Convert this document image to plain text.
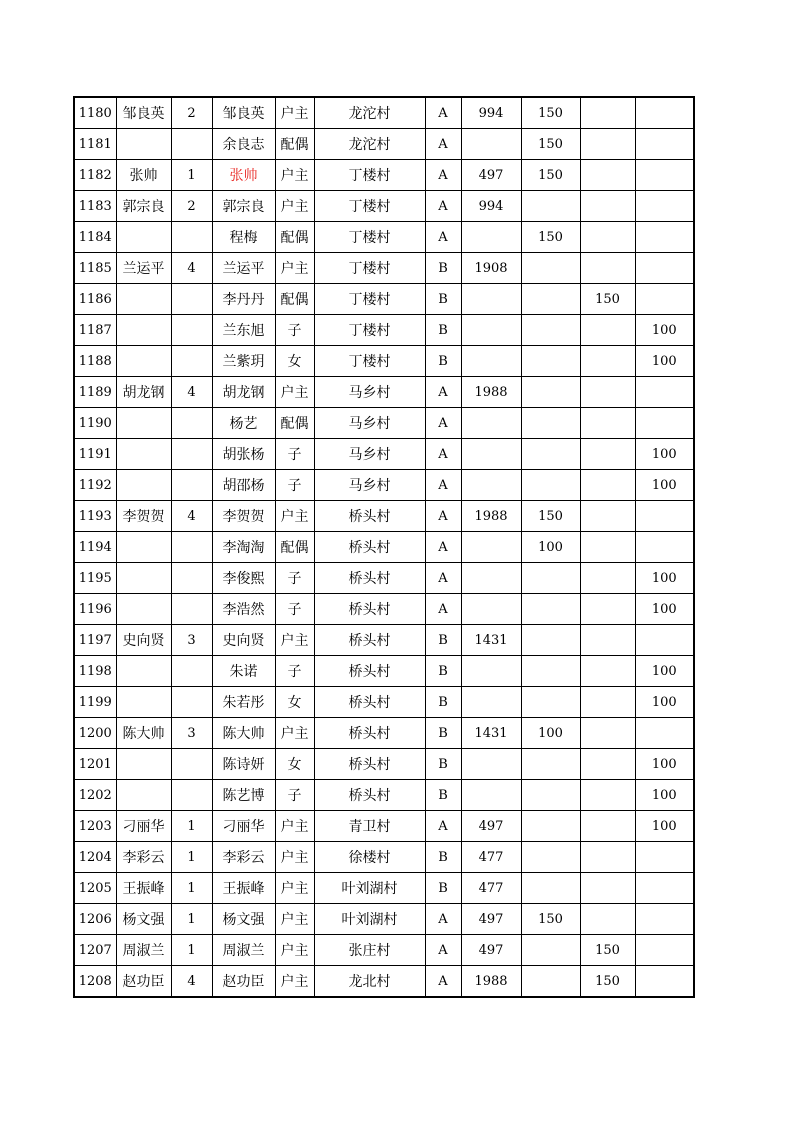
1180	邹良英	2	邹良英	户主	龙沱村	A	994	150		
1181			余良志	配偶	龙沱村	A		150		
1182	张帅	1	张帅	户主	丁楼村	A	497	150		
1183	郭宗良	2	郭宗良	户主	丁楼村	A	994			
1184			程梅	配偶	丁楼村	A		150		
1185	兰运平	4	兰运平	户主	丁楼村	B	1908			
1186			李丹丹	配偶	丁楼村	B			150	
1187			兰东旭	子	丁楼村	B				100
1188			兰紫玥	女	丁楼村	B				100
1189	胡龙钢	4	胡龙钢	户主	马乡村	A	1988			
1190			杨艺	配偶	马乡村	A				
1191			胡张杨	子	马乡村	A				100
1192			胡邵杨	子	马乡村	A				100
1193	李贺贺	4	李贺贺	户主	桥头村	A	1988	150		
1194			李淘淘	配偶	桥头村	A		100		
1195			李俊熙	子	桥头村	A				100
1196			李浩然	子	桥头村	A				100
1197	史向贤	3	史向贤	户主	桥头村	B	1431			
1198			朱诺	子	桥头村	B				100
1199			朱若彤	女	桥头村	B				100
1200	陈大帅	3	陈大帅	户主	桥头村	B	1431	100		
1201			陈诗妍	女	桥头村	B				100
1202			陈艺博	子	桥头村	B				100
1203	刁丽华	1	刁丽华	户主	青卫村	A	497			100
1204	李彩云	1	李彩云	户主	徐楼村	B	477			
1205	王振峰	1	王振峰	户主	叶刘湖村	B	477			
1206	杨文强	1	杨文强	户主	叶刘湖村	A	497	150		
1207	周淑兰	1	周淑兰	户主	张庄村	A	497		150	
1208	赵功臣	4	赵功臣	户主	龙北村	A	1988		150	
